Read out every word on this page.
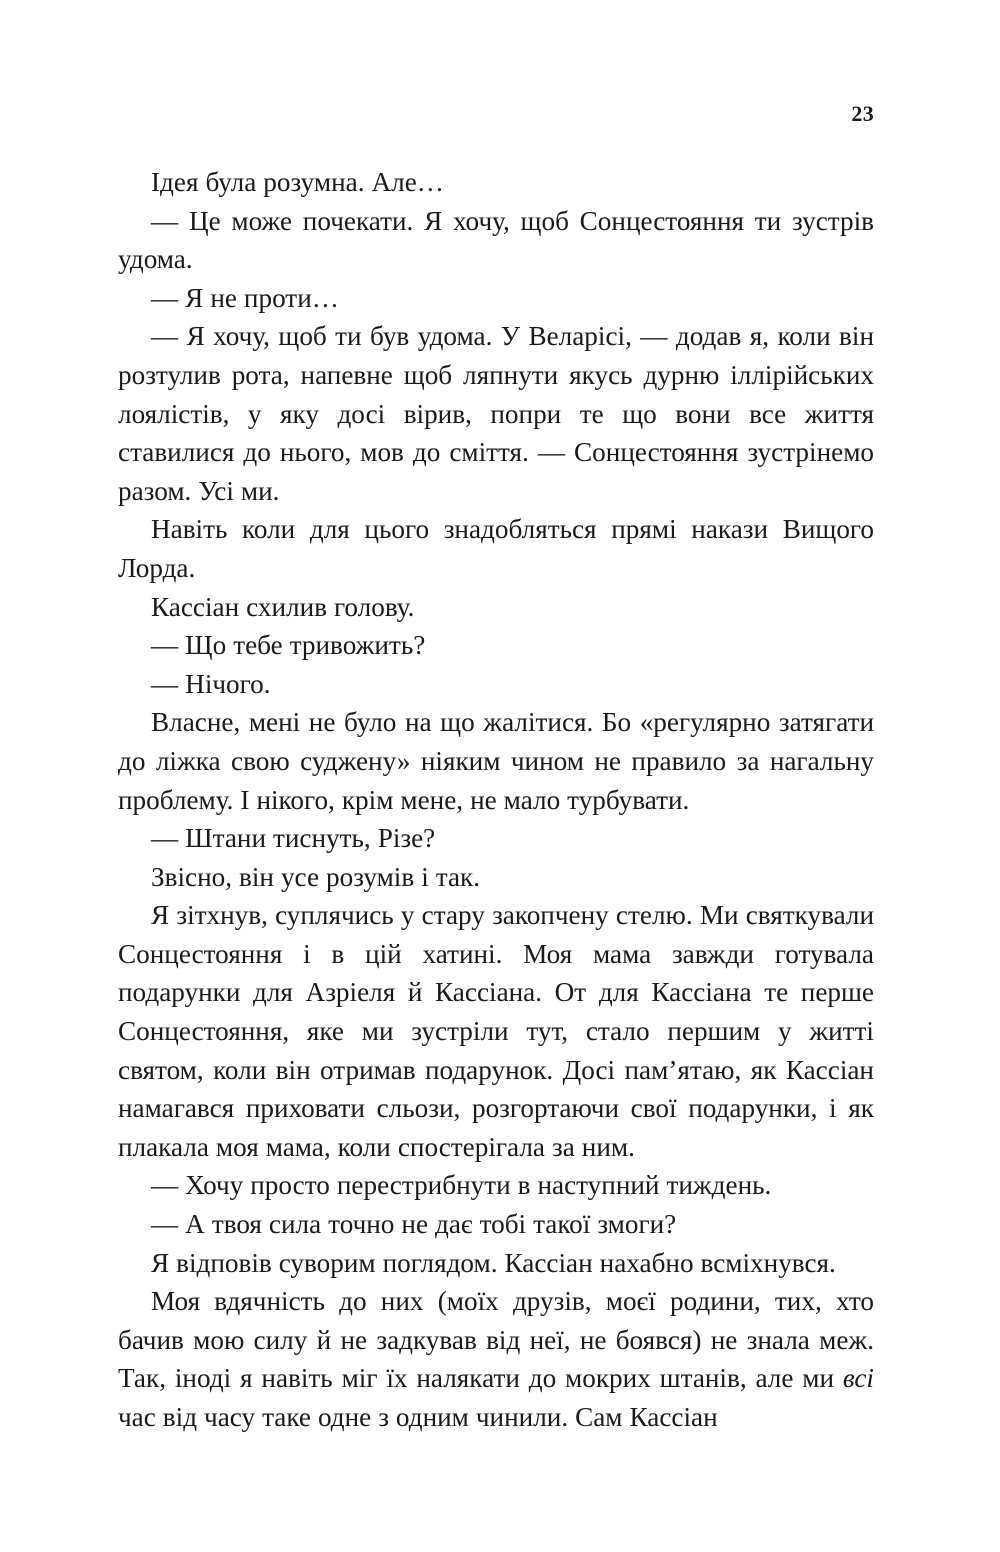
23

Ідея була розумна. Але…

— Це може почекати. Я хочу, щоб Сонцестояння ти зустрів удома.

— Я не проти…

— Я хочу, щоб ти був удома. У Веларісі, — додав я, коли він розтулив рота, напевне щоб ляпнути якусь дурню іллірійських лоялістів, у яку досі вірив, попри те що вони все життя ставилися до нього, мов до сміття. — Сонцестояння зустрінемо разом. Усі ми.

Навіть коли для цього знадобляться прямі накази Вищого Лорда.

Кассіан схилив голову.

— Що тебе тривожить?

— Нічого.

Власне, мені не було на що жалітися. Бо «регулярно затягати до ліжка свою суджену» ніяким чином не правило за нагальну проблему. І нікого, крім мене, не мало турбувати.

— Штани тиснуть, Різе?

Звісно, він усе розумів і так.

Я зітхнув, суплячись у стару закопчену стелю. Ми святкували Сонцестояння і в цій хатині. Моя мама завжди готувала подарунки для Азріеля й Кассіана. От для Кассіана те перше Сонцестояння, яке ми зустріли тут, стало першим у житті святом, коли він отримав подарунок. Досі пам’ятаю, як Кассіан намагався приховати сльози, розгортаючи свої подарунки, і як плакала моя мама, коли спостерігала за ним.

— Хочу просто перестрибнути в наступний тиждень.

— А твоя сила точно не дає тобі такої змоги?

Я відповів суворим поглядом. Кассіан нахабно всміхнувся.

Моя вдячність до них (моїх друзів, моєї родини, тих, хто бачив мою силу й не задкував від неї, не боявся) не знала меж. Так, іноді я навіть міг їх налякати до мокрих штанів, але ми всі час від часу таке одне з одним чинили. Сам Кассіан
